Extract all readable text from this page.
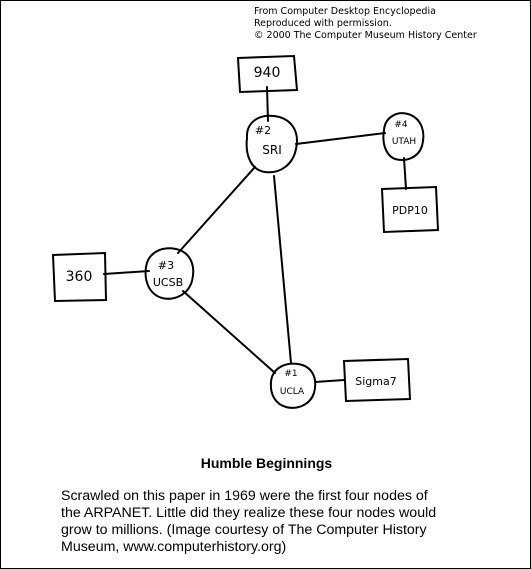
From Computer Desktop Encyclopedia
Reproduced with permission.
© 2000 The Computer Museum History Center
940
PDP10
360
Sigma7
#2	#4
#3
#1
SRI
UTAH
UCSB
UCLA
Humble Beginnings
Scrawled on this paper in 1969 were the first four nodes of
the ARPANET. Little did they realize these four nodes would
grow to millions. (Image courtesy of The Computer History
Museum, www.computerhistory.org)
